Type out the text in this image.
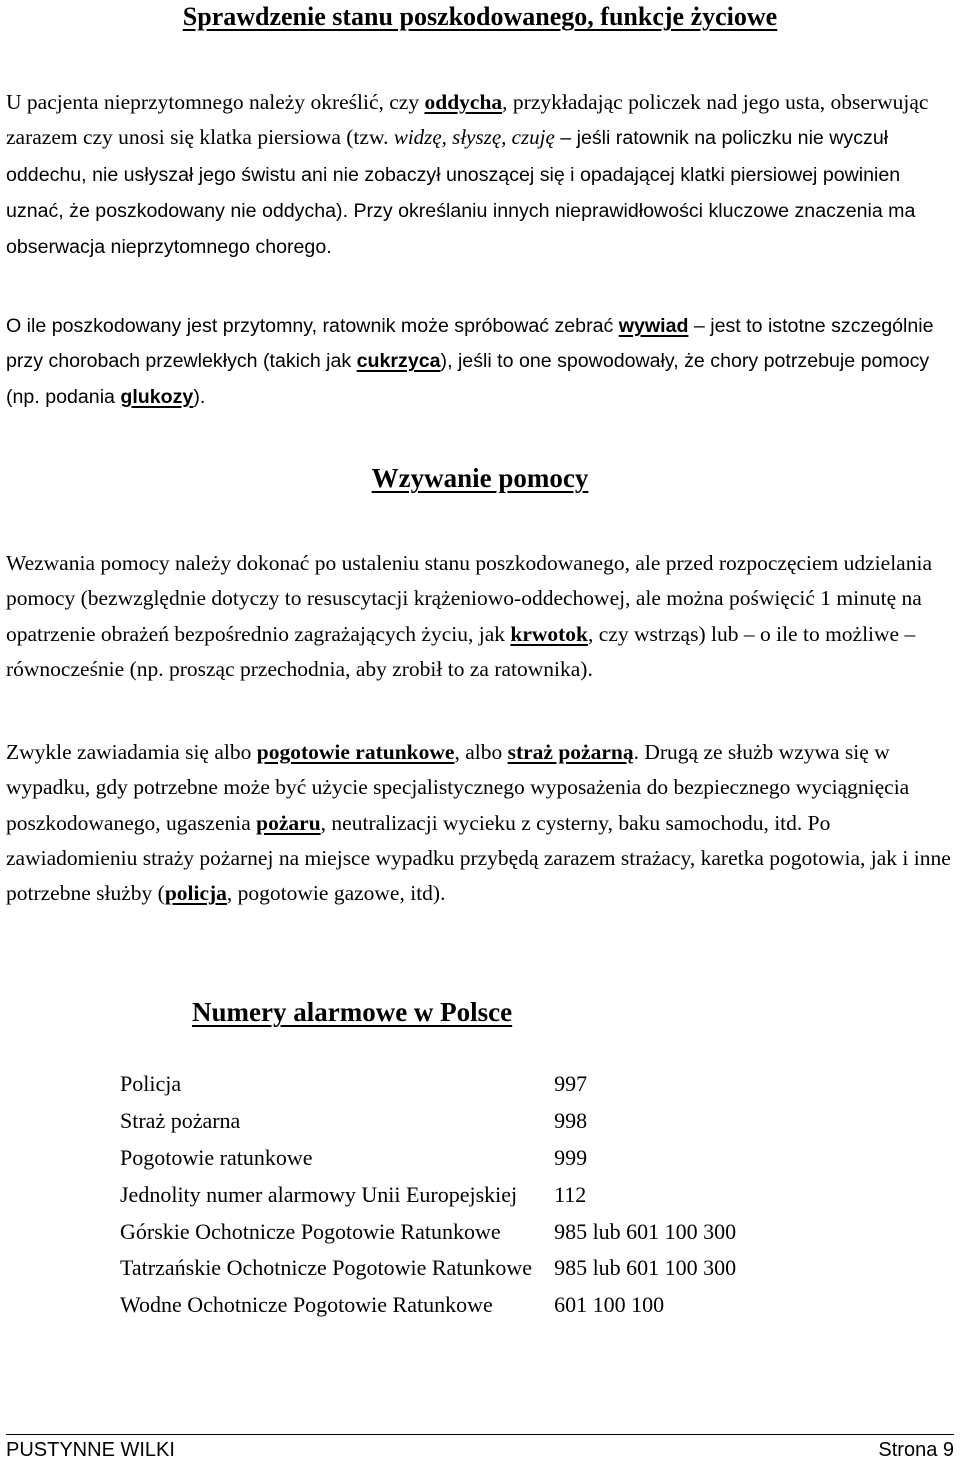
Sprawdzenie stanu poszkodowanego, funkcje życiowe

U pacjenta nieprzytomnego należy określić, czy oddycha, przykładając policzek nad jego usta, obserwując zarazem czy unosi się klatka piersiowa (tzw. widzę, słyszę, czuję – jeśli ratownik na policzku nie wyczuł oddechu, nie usłyszał jego świstu ani nie zobaczył unoszącej się i opadającej klatki piersiowej powinien uznać, że poszkodowany nie oddycha). Przy określaniu innych nieprawidłowości kluczowe znaczenia ma obserwacja nieprzytomnego chorego.

O ile poszkodowany jest przytomny, ratownik może spróbować zebrać wywiad – jest to istotne szczególnie przy chorobach przewlekłych (takich jak cukrzyca), jeśli to one spowodowały, że chory potrzebuje pomocy (np. podania glukozy).

Wzywanie pomocy

Wezwania pomocy należy dokonać po ustaleniu stanu poszkodowanego, ale przed rozpoczęciem udzielania pomocy (bezwzględnie dotyczy to resuscytacji krążeniowo-oddechowej, ale można poświęcić 1 minutę na opatrzenie obrażeń bezpośrednio zagrażających życiu, jak krwotok, czy wstrząs) lub – o ile to możliwe – równocześnie (np. prosząc przechodnia, aby zrobił to za ratownika).

Zwykle zawiadamia się albo pogotowie ratunkowe, albo straż pożarną. Drugą ze służb wzywa się w wypadku, gdy potrzebne może być użycie specjalistycznego wyposażenia do bezpiecznego wyciągnięcia poszkodowanego, ugaszenia pożaru, neutralizacji wycieku z cysterny, baku samochodu, itd. Po zawiadomieniu straży pożarnej na miejsce wypadku przybędą zarazem strażacy, karetka pogotowia, jak i inne potrzebne służby (policja, pogotowie gazowe, itd).

Numery alarmowe w Polsce
Policja	997
Straż pożarna	998
Pogotowie ratunkowe	999
Jednolity numer alarmowy Unii Europejskiej	112
Górskie Ochotnicze Pogotowie Ratunkowe	985 lub 601 100 300
Tatrzańskie Ochotnicze Pogotowie Ratunkowe	985 lub 601 100 300
Wodne Ochotnicze Pogotowie Ratunkowe	601 100 100
PUSTYNNE WILKI	Strona 9
